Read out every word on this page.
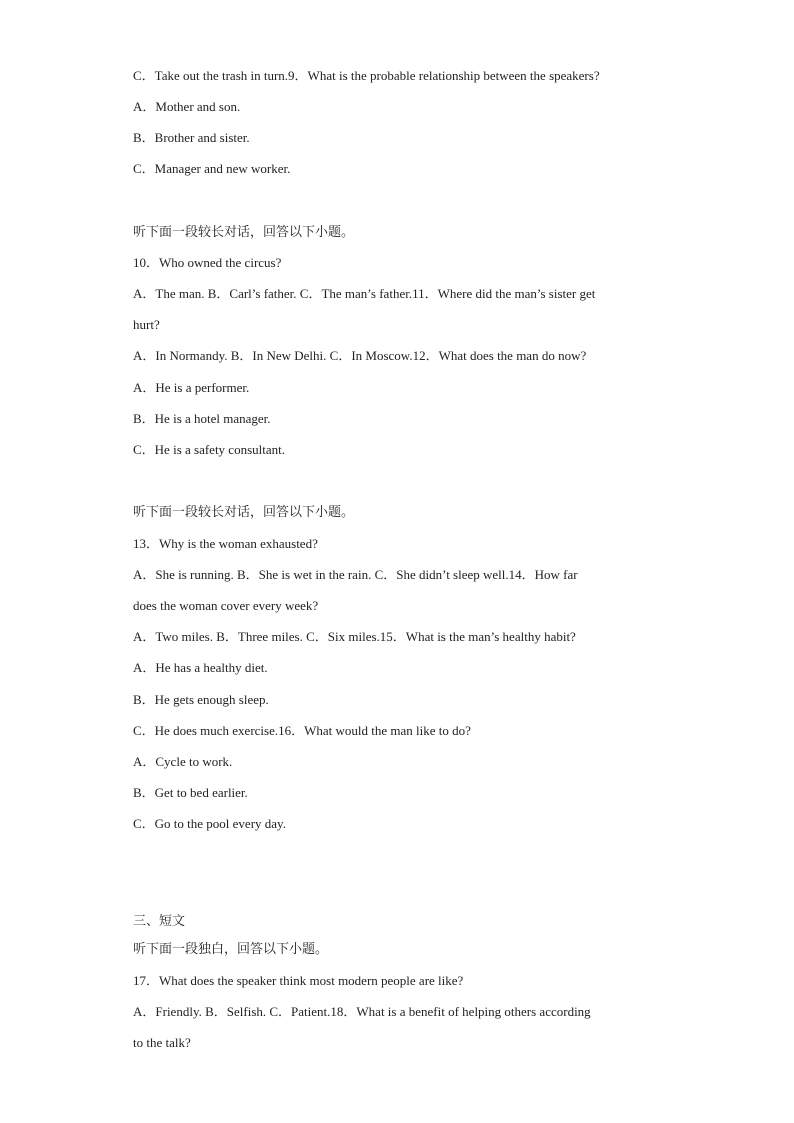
C．Take out the trash in turn.9．What is the probable relationship between the speakers?
A．Mother and son.
B．Brother and sister.
C．Manager and new worker.
听下面一段较长对话，回答以下小题。
10．Who owned the circus?
A．The man. B．Carl’s father. C．The man’s father.11．Where did the man’s sister get
hurt?
A．In Normandy. B．In New Delhi. C．In Moscow.12．What does the man do now?
A．He is a performer.
B．He is a hotel manager.
C．He is a safety consultant.
听下面一段较长对话，回答以下小题。
13．Why is the woman exhausted?
A．She is running. B．She is wet in the rain. C．She didn’t sleep well.14．How far
does the woman cover every week?
A．Two miles. B．Three miles. C．Six miles.15．What is the man’s healthy habit?
A．He has a healthy diet.
B．He gets enough sleep.
C．He does much exercise.16．What would the man like to do?
A．Cycle to work.
B．Get to bed earlier.
C．Go to the pool every day.
三、短文
听下面一段独白，回答以下小题。
17．What does the speaker think most modern people are like?
A．Friendly. B．Selfish. C．Patient.18．What is a benefit of helping others according
to the talk?
